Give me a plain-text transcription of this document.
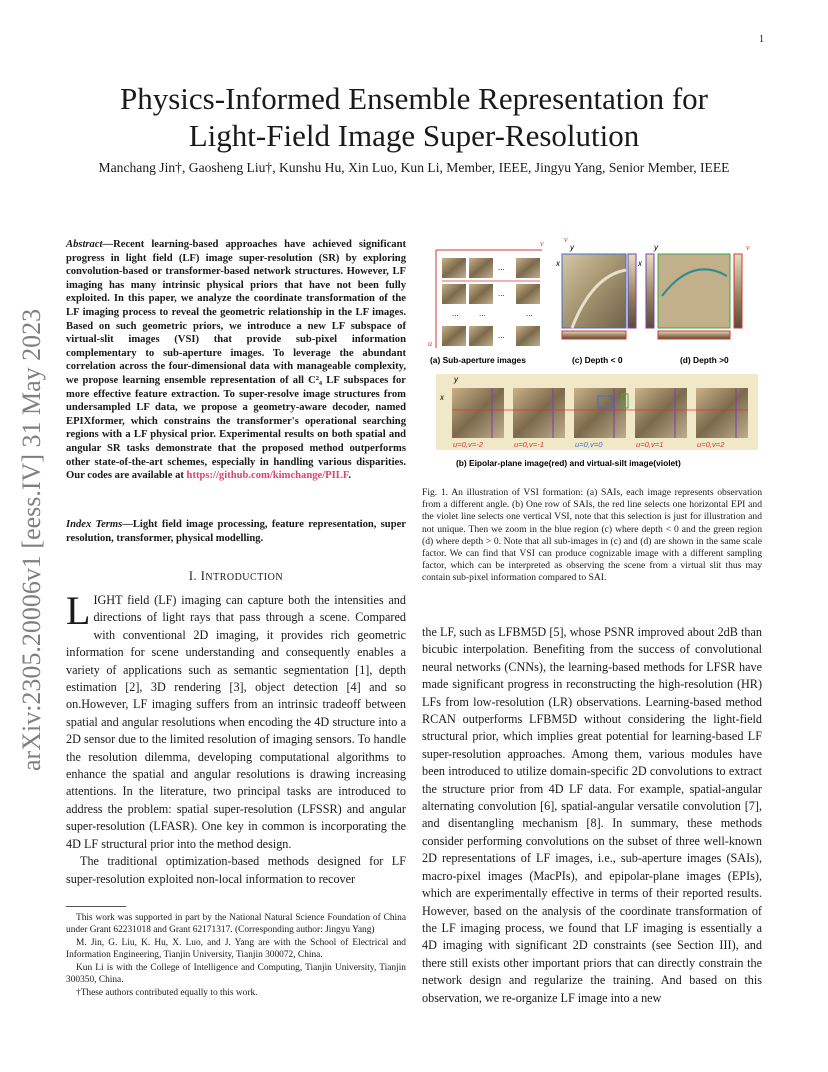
1
arXiv:2305.20006v1 [eess.IV] 31 May 2023
Physics-Informed Ensemble Representation for
Light-Field Image Super-Resolution
Manchang Jin†, Gaosheng Liu†, Kunshu Hu, Xin Luo, Kun Li, Member, IEEE, Jingyu Yang, Senior Member, IEEE
Abstract—Recent learning-based approaches have achieved significant progress in light field (LF) image super-resolution (SR) by exploring convolution-based or transformer-based network structures. However, LF imaging has many intrinsic physical priors that have not been fully exploited. In this paper, we analyze the coordinate transformation of the LF imaging process to reveal the geometric relationship in the LF images. Based on such geometric priors, we introduce a new LF subspace of virtual-slit images (VSI) that provide sub-pixel information complementary to sub-aperture images. To leverage the abundant correlation across the four-dimensional data with manageable complexity, we propose learning ensemble representation of all C²₄ LF subspaces for more effective feature extraction. To super-resolve image structures from undersampled LF data, we propose a geometry-aware decoder, named EPIXformer, which constrains the transformer's operational searching regions with a LF physical prior. Experimental results on both spatial and angular SR tasks demonstrate that the proposed method outperforms other state-of-the-art schemes, especially in handling various disparities. Our codes are available at https://github.com/kimchange/PILF.
Index Terms—Light field image processing, feature representation, super resolution, transformer, physical modelling.
I. INTRODUCTION

LIGHT field (LF) imaging can capture both the intensities and directions of light rays that pass through a scene. Compared with conventional 2D imaging, it provides rich geometric information for scene understanding and consequently enables a variety of applications such as semantic segmentation [1], depth estimation [2], 3D rendering [3], object detection [4] and so on.However, LF imaging suffers from an intrinsic tradeoff between spatial and angular resolutions when encoding the 4D structure into a 2D sensor due to the limited resolution of imaging sensors. To handle the resolution dilemma, developing computational algorithms to enhance the spatial and angular resolutions is drawing increasing attentions. In the literature, two principal tasks are introduced to address the problem: spatial super-resolution (LFSSR) and angular super-resolution (LFASR). One key in common is incorporating the 4D LF structural prior into the method design.

The traditional optimization-based methods designed for LF super-resolution exploited non-local information to recover

This work was supported in part by the National Natural Science Foundation of China under Grant 62231018 and Grant 62171317. (Corresponding author: Jingyu Yang)

M. Jin, G. Liu, K. Hu, X. Luo, and J. Yang are with the School of Electrical and Information Engineering, Tianjin University, Tianjin 300072, China.

Kun Li is with the College of Intelligence and Computing, Tianjin University, Tianjin 300350, China.

†These authors contributed equally to this work.

...
...
...
...	...	...
v
u
x
y
v
x
y	v
(a) Sub-aperture images	(c) Depth < 0	(d) Depth >0
x
y
u=0,v=-2	u=0,v=-1	u=0,v=0	u=0,v=1	u=0,v=2
(b) Eipolar-plane image(red) and virtual-silt image(violet)
Fig. 1. An illustration of VSI formation: (a) SAIs, each image represents observation from a different angle. (b) One row of SAIs, the red line selects one horizontal EPI and the violet line selects one vertical VSI, note that this selection is just for illustration and not unique. Then we zoom in the blue region (c) where depth < 0 and the green region (d) where depth > 0. Note that all sub-images in (c) and (d) are shown in the same scale factor. We can find that VSI can produce cognizable image with a different sampling factor, which can be interpreted as observing the scene from a virtual slit thus may contain sub-pixel information compared to SAI.

the LF, such as LFBM5D [5], whose PSNR improved about 2dB than bicubic interpolation. Benefiting from the success of convolutional neural networks (CNNs), the learning-based methods for LFSR have made significant progress in reconstructing the high-resolution (HR) LFs from low-resolution (LR) observations. Learning-based method RCAN outperforms LFBM5D without considering the light-field structural prior, which implies great potential for learning-based LF super-resolution approaches. Among them, various modules have been introduced to utilize domain-specific 2D convolutions to extract the structure prior from 4D LF data. For example, spatial-angular alternating convolution [6], spatial-angular versatile convolution [7], and disentangling mechanism [8]. In summary, these methods consider performing convolutions on the subset of three well-known 2D representations of LF images, i.e., sub-aperture images (SAIs), macro-pixel images (MacPIs), and epipolar-plane images (EPIs), which are experimentally effective in terms of their reported results. However, based on the analysis of the coordinate transformation of the LF imaging process, we found that LF imaging is essentially a 4D imaging with significant 2D constraints (see Section III), and there still exists other important priors that can directly constrain the network design and regularize the training. And based on this observation, we re-organize LF image into a new
